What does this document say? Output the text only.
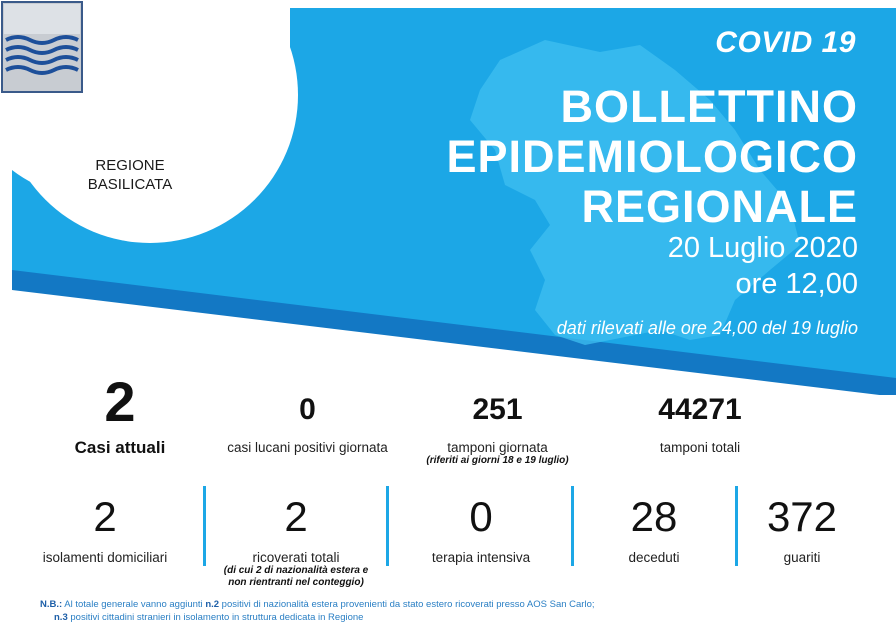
REGIONE
BASILICATA
COVID 19
BOLLETTINO
EPIDEMIOLOGICO
REGIONALE
20 Luglio 2020
ore 12,00
dati rilevati alle ore 24,00 del 19 luglio
2
Casi attuali
0
casi lucani positivi giornata
251
tamponi giornata
(riferiti ai giorni 18 e 19 luglio)
44271
tamponi totali
2
isolamenti domiciliari
2
ricoverati totali
(di cui 2 di nazionalità estera e
non rientranti nel conteggio)
0
terapia intensiva
28
deceduti
372
guariti
N.B.: Al totale generale vanno aggiunti n.2 positivi di nazionalità estera provenienti da stato estero ricoverati presso AOS San Carlo;
n.3 positivi cittadini stranieri in isolamento in struttura dedicata in Regione
